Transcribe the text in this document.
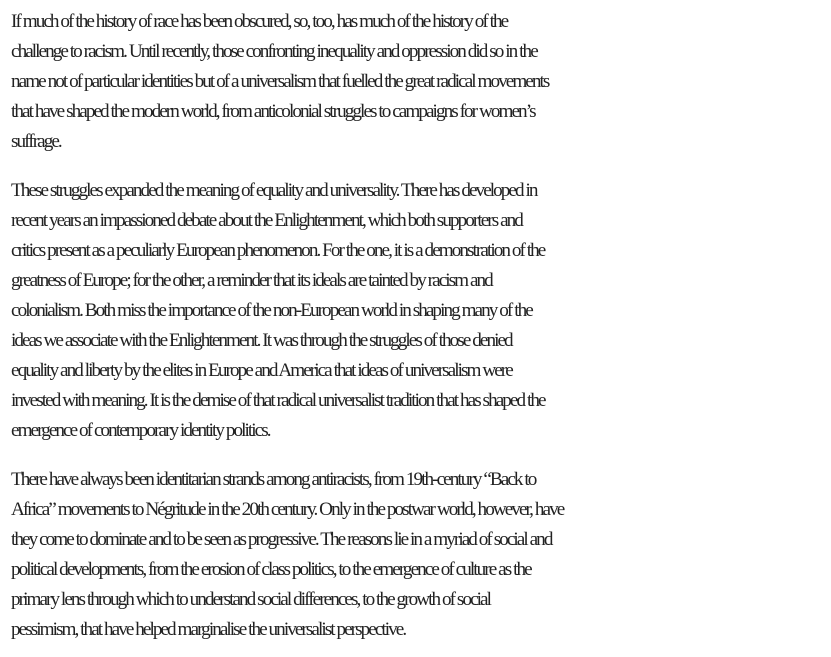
If much of the history of race has been obscured, so, too, has much of the history of the
challenge to racism. Until recently, those confronting inequality and oppression did so in the
name not of particular identities but of a universalism that fuelled the great radical movements
that have shaped the modern world, from anticolonial struggles to campaigns for women’s
suffrage.

These struggles expanded the meaning of equality and universality. There has developed in
recent years an impassioned debate about the Enlightenment, which both supporters and
critics present as a peculiarly European phenomenon. For the one, it is a demonstration of the
greatness of Europe; for the other, a reminder that its ideals are tainted by racism and
colonialism. Both miss the importance of the non-European world in shaping many of the
ideas we associate with the Enlightenment. It was through the struggles of those denied
equality and liberty by the elites in Europe and America that ideas of universalism were
invested with meaning. It is the demise of that radical universalist tradition that has shaped the
emergence of contemporary identity politics.

There have always been identitarian strands among antiracists, from 19th-century “Back to
Africa” movements to Négritude in the 20th century. Only in the postwar world, however, have
they come to dominate and to be seen as progressive. The reasons lie in a myriad of social and
political developments, from the erosion of class politics, to the emergence of culture as the
primary lens through which to understand social differences, to the growth of social
pessimism, that have helped marginalise the universalist perspective.
